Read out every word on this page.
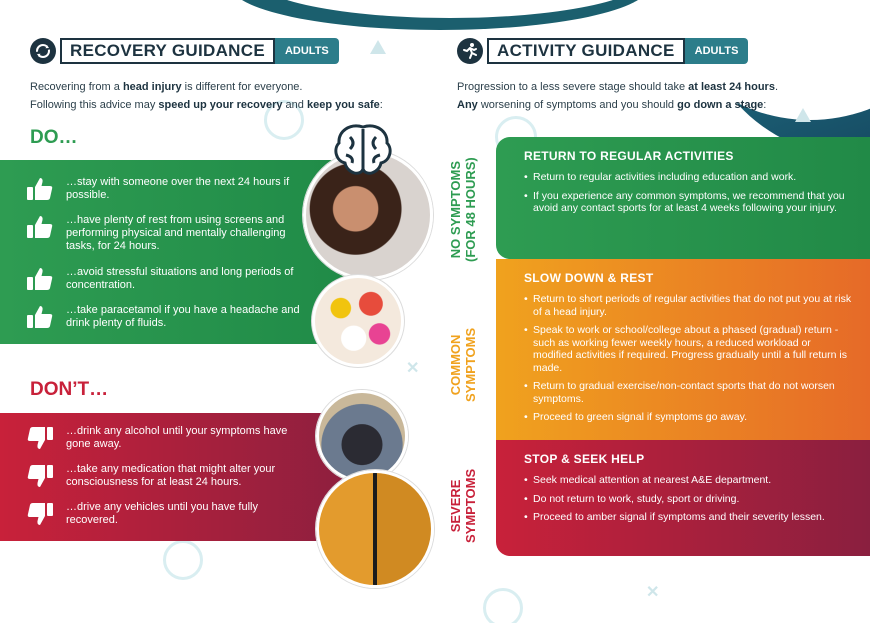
✕
✕
RECOVERY GUIDANCE	ADULTS
Recovering from a head injury is different for everyone.
Following this advice may speed up your recovery and keep you safe:
DO…
…stay with someone over the next 24 hours if possible.
…have plenty of rest from using screens and performing physical and mentally challenging tasks, for 24 hours.
…avoid stressful situations and long periods of concentration.
…take paracetamol if you have a headache and drink plenty of fluids.
DON’T…
…drink any alcohol until your symptoms have gone away.
…take any medication that might alter your consciousness for at least 24 hours.
…drive any vehicles until you have fully recovered.
ACTIVITY GUIDANCE	ADULTS
Progression to a less severe stage should take at least 24 hours.
Any worsening of symptoms and you should go down a stage:
NO SYMPTOMS (FOR 48 HOURS)
COMMON SYMPTOMS
SEVERE SYMPTOMS
RETURN TO REGULAR ACTIVITIES
• Return to regular activities including education and work.
• If you experience any common symptoms, we recommend that you avoid any contact sports for at least 4 weeks following your injury.
SLOW DOWN & REST
• Return to short periods of regular activities that do not put you at risk of a head injury.
• Speak to work or school/college about a phased (gradual) return - such as working fewer weekly hours, a reduced workload or modified activities if required. Progress gradually until a full return is made.
• Return to gradual exercise/non-contact sports that do not worsen symptoms.
• Proceed to green signal if symptoms go away.
STOP & SEEK HELP
• Seek medical attention at nearest A&E department.
• Do not return to work, study, sport or driving.
• Proceed to amber signal if symptoms and their severity lessen.
